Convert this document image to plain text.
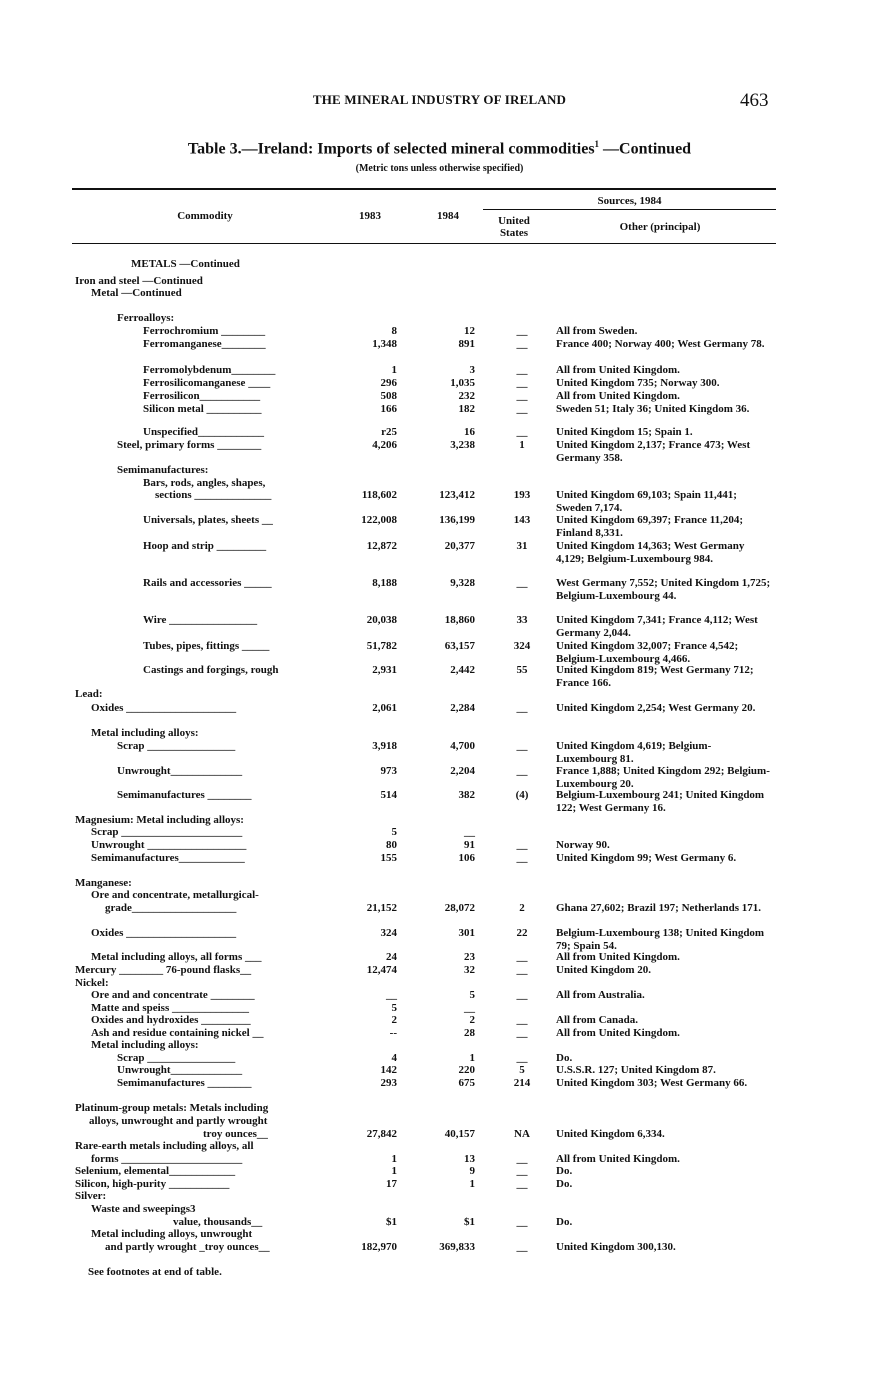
THE MINERAL INDUSTRY OF IRELAND	463
Table 3.—Ireland: Imports of selected mineral commodities$^1$ —Continued
(Metric tons unless otherwise specified)
Commodity	1983	1984
Sources, 1984
United States	Other (principal)
METALS —Continued
Iron and steel —Continued
Metal —Continued
Ferroalloys:
Ferrochromium ________	8	12	__	All from Sweden.
Ferromanganese________	1,348	891	__	France 400; Norway 400; West Germany 78.
Ferromolybdenum________	1	3	__	All from United Kingdom.
Ferrosilicomanganese ____	296	1,035	__	United Kingdom 735; Norway 300.
Ferrosilicon___________	508	232	__	All from United Kingdom.
Silicon metal __________	166	182	__	Sweden 51; Italy 36; United Kingdom 36.
Unspecified____________	r25	16	__	United Kingdom 15; Spain 1.
Steel, primary forms ________	4,206	3,238	1	United Kingdom 2,137; France 473; West Germany 358.
Semimanufactures:
Bars, rods, angles, shapes,
sections ______________	118,602	123,412	193	United Kingdom 69,103; Spain 11,441; Sweden 7,174.
Universals, plates, sheets __	122,008	136,199	143	United Kingdom 69,397; France 11,204; Finland 8,331.
Hoop and strip _________	12,872	20,377	31	United Kingdom 14,363; West Germany 4,129; Belgium-Luxembourg 984.
Rails and accessories _____	8,188	9,328	__	West Germany 7,552; United Kingdom 1,725; Belgium-Luxembourg 44.
Wire ________________	20,038	18,860	33	United Kingdom 7,341; France 4,112; West Germany 2,044.
Tubes, pipes, fittings _____	51,782	63,157	324	United Kingdom 32,007; France 4,542; Belgium-Luxembourg 4,466.
Castings and forgings, rough	2,931	2,442	55	United Kingdom 819; West Germany 712; France 166.
Lead:
Oxides ____________________	2,061	2,284	__	United Kingdom 2,254; West Germany 20.
Metal including alloys:
Scrap ________________	3,918	4,700	__	United Kingdom 4,619; Belgium-Luxembourg 81.
Unwrought_____________	973	2,204	__	France 1,888; United Kingdom 292; Belgium-Luxembourg 20.
Semimanufactures ________	514	382	(4)	Belgium-Luxembourg 241; United Kingdom 122; West Germany 16.
Magnesium: Metal including alloys:
Scrap ______________________	5	__
Unwrought __________________	80	91	__	Norway 90.
Semimanufactures____________	155	106	__	United Kingdom 99; West Germany 6.
Manganese:
Ore and concentrate, metallurgical-
grade___________________	21,152	28,072	2	Ghana 27,602; Brazil 197; Netherlands 171.
Oxides ____________________	324	301	22	Belgium-Luxembourg 138; United Kingdom 79; Spain 54.
Metal including alloys, all forms ___	24	23	__	All from United Kingdom.
Mercury ________ 76-pound flasks__	12,474	32	__	United Kingdom 20.
Nickel:
Ore and and concentrate ________	__	5	__	All from Australia.
Matte and speiss ______________	5	__
Oxides and hydroxides _________	2	2	__	All from Canada.
Ash and residue containing nickel __	--	28	__	All from United Kingdom.
Metal including alloys:
Scrap ________________	4	1	__	Do.
Unwrought_____________	142	220	5	U.S.S.R. 127; United Kingdom 87.
Semimanufactures ________	293	675	214	United Kingdom 303; West Germany 66.
Platinum-group metals: Metals including
alloys, unwrought and partly wrought
troy ounces__	27,842	40,157	NA	United Kingdom 6,334.
Rare-earth metals including alloys, all
forms ______________________	1	13	__	All from United Kingdom.
Selenium, elemental____________	1	9	__	Do.
Silicon, high-purity ___________	17	1	__	Do.
Silver:
Waste and sweepings3
value, thousands__	$1	$1	__	Do.
Metal including alloys, unwrought
and partly wrought _troy ounces__	182,970	369,833	__	United Kingdom 300,130.
See footnotes at end of table.
